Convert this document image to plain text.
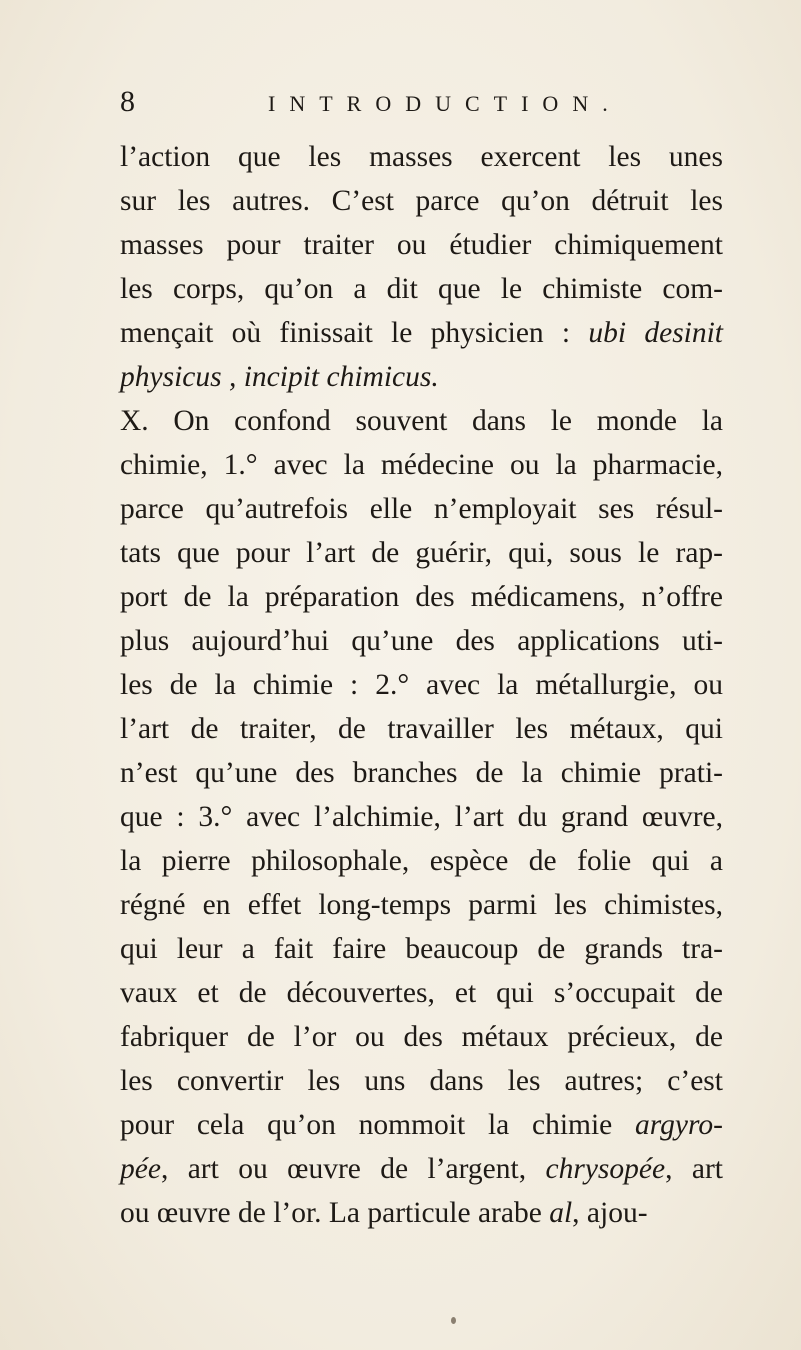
8	INTRODUCTION.
l’action que les masses exercent les unes
sur les autres. C’est parce qu’on détruit les
masses pour traiter ou étudier chimiquement
les corps, qu’on a dit que le chimiste com-
mençait où finissait le physicien : ubi desinit
physicus , incipit chimicus.
X. On confond souvent dans le monde la
chimie, 1.° avec la médecine ou la pharmacie,
parce qu’autrefois elle n’employait ses résul-
tats que pour l’art de guérir, qui, sous le rap-
port de la préparation des médicamens, n’offre
plus aujourd’hui qu’une des applications uti-
les de la chimie : 2.° avec la métallurgie, ou
l’art de traiter, de travailler les métaux, qui
n’est qu’une des branches de la chimie prati-
que : 3.° avec l’alchimie, l’art du grand œuvre,
la pierre philosophale, espèce de folie qui a
régné en effet long-temps parmi les chimistes,
qui leur a fait faire beaucoup de grands tra-
vaux et de découvertes, et qui s’occupait de
fabriquer de l’or ou des métaux précieux, de
les convertir les uns dans les autres; c’est
pour cela qu’on nommoit la chimie argyro-
pée, art ou œuvre de l’argent, chrysopée, art
ou œuvre de l’or. La particule arabe al, ajou-
